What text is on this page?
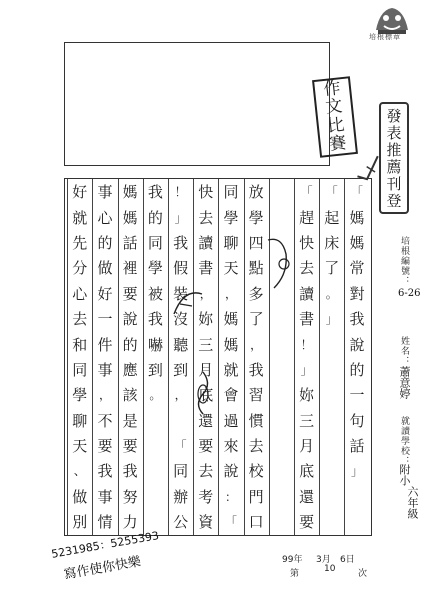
培根標章
作
文
比
賽
發
表
推
薦
刊
登
「
媽
媽
常
對
我
說
的
一
句
話
」
「
起
床
了
。
」
「
趕
快
去
讀
書
！
」
妳
三
月
底
還
要
放
學
四
點
多
了
，
我
習
慣
去
校
門
口
同
學
聊
天
，
媽
媽
就
會
過
來
說
：
「
快
去
讀
書
，
妳
三
月
底
還
要
去
考
資
！
」
我
假
裝
沒
聽
到
，
「
同
辦
公
我
的
同
學
被
我
嚇
到
。
媽
媽
話
裡
要
說
的
應
該
是
要
我
努
力
事
心
的
做
好
一
件
事
，
不
要
我
事
情
好
就
先
分
心
去
和
同
學
聊
天
、
做
別
培根編號：
6-26
姓名：
蕭意婷
就讀學校：
附小
六年級
5231985：5255393
寫作使你快樂	99年 3月 6日
第	10	次
